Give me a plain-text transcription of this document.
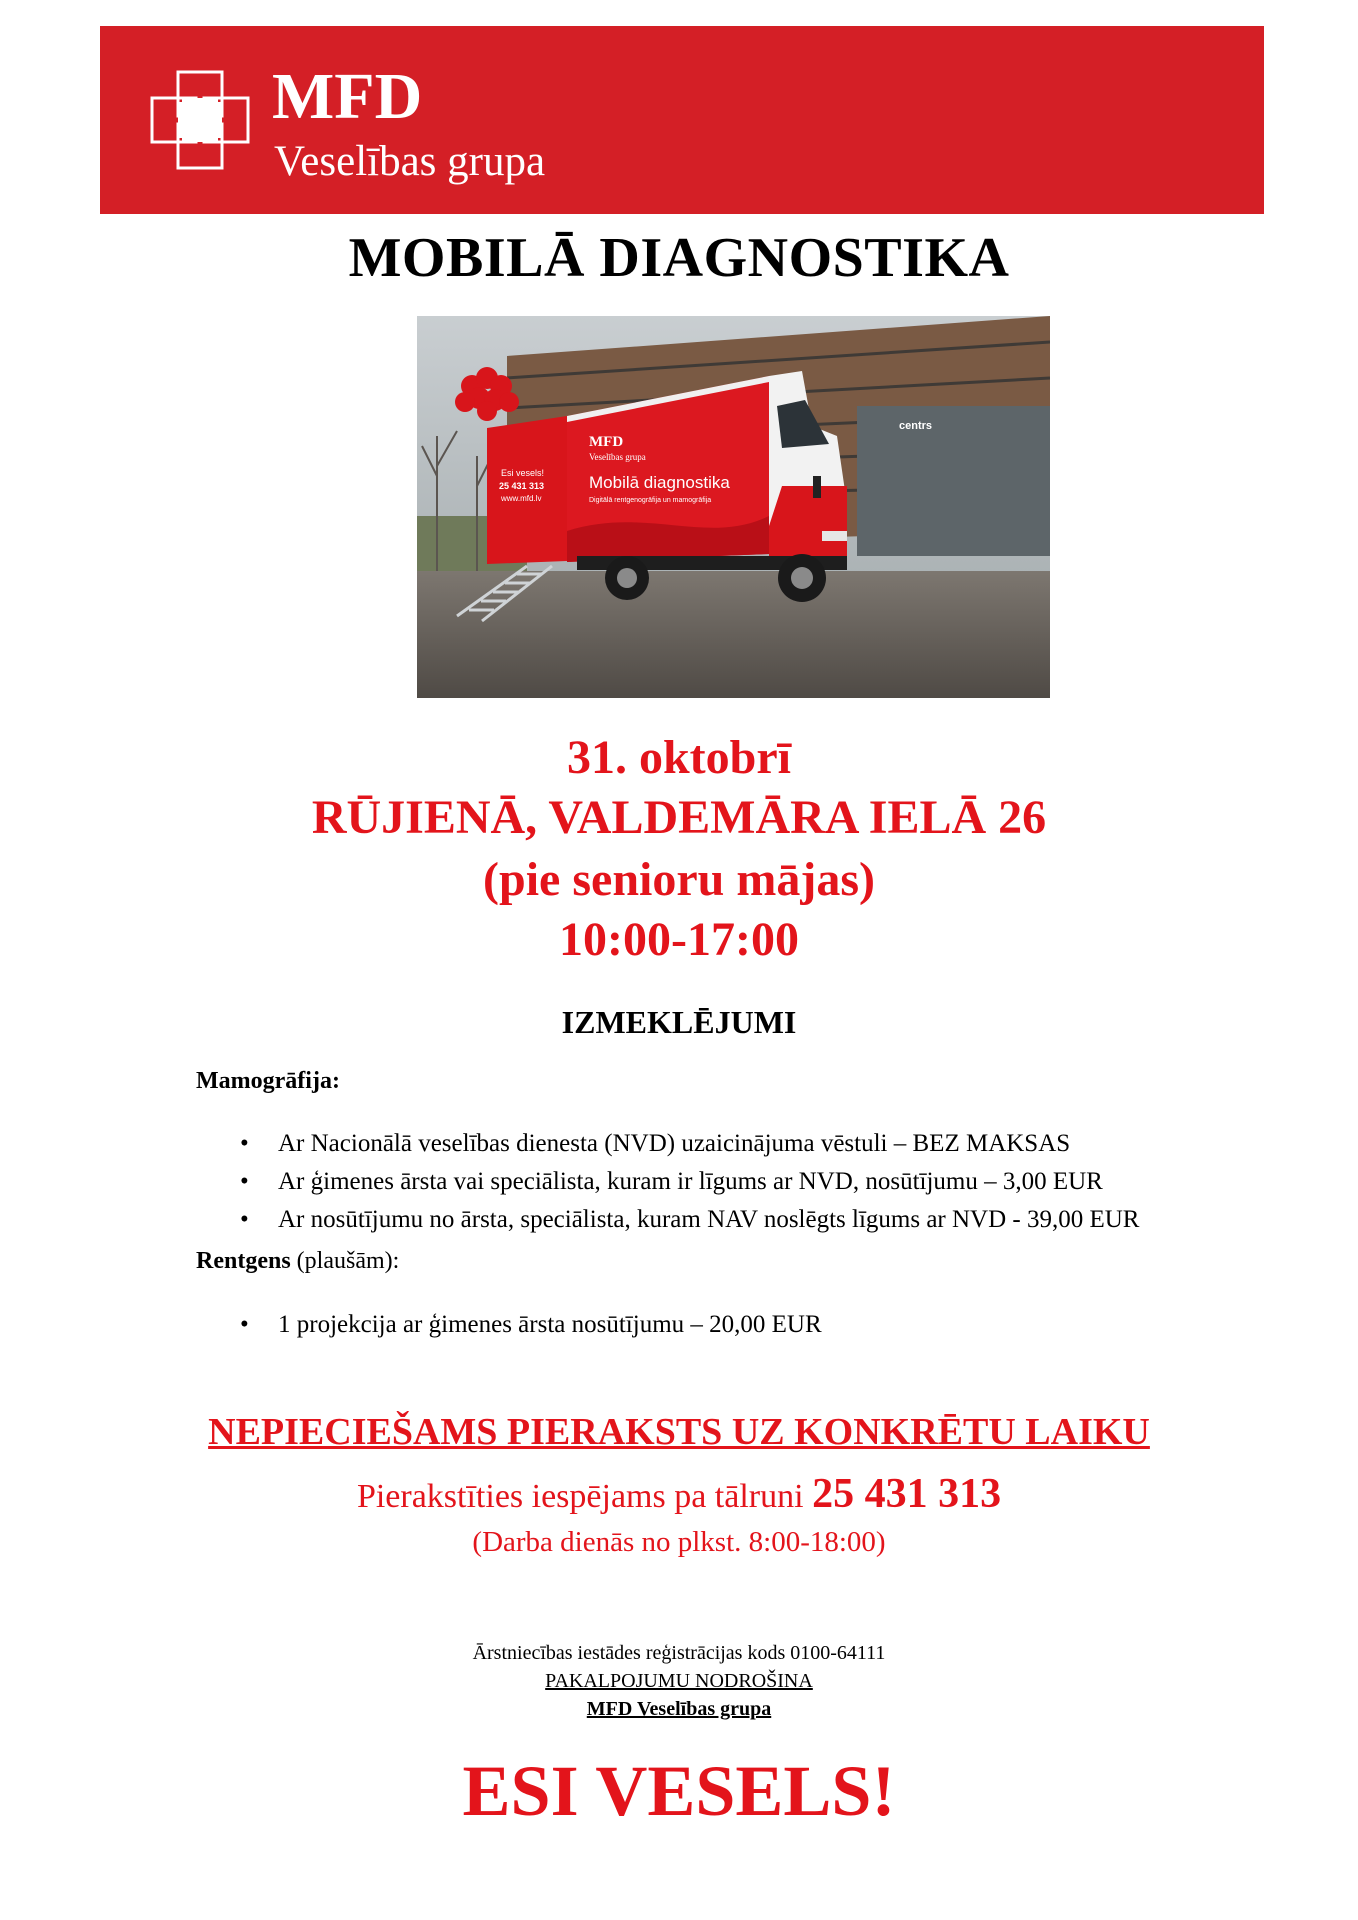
MFD
Veselības grupa
MOBILĀ DIAGNOSTIKA
centrs
Esi vesels!
25 431 313
www.mfd.lv
MFD
Veselības grupa
Mobilā diagnostika
Digitālā rentgenogrāfija un mamogrāfija
31. oktobrī
RŪJIENĀ, VALDEMĀRA IELĀ 26
(pie senioru mājas)
10:00-17:00
IZMEKLĒJUMI
Mamogrāfija:
• Ar Nacionālā veselības dienesta (NVD) uzaicinājuma vēstuli – BEZ MAKSAS
• Ar ģimenes ārsta vai speciālista, kuram ir līgums ar NVD, nosūtījumu – 3,00 EUR
• Ar nosūtījumu no ārsta, speciālista, kuram NAV noslēgts līgums ar NVD - 39,00 EUR
Rentgens (plaušām):
• 1 projekcija ar ģimenes ārsta nosūtījumu – 20,00 EUR
NEPIECIEŠAMS PIERAKSTS UZ KONKRĒTU LAIKU
Pierakstīties iespējams pa tālruni 25 431 313
(Darba dienās no plkst. 8:00-18:00)
Ārstniecības iestādes reģistrācijas kods 0100-64111
PAKALPOJUMU NODROŠINA
MFD Veselības grupa
ESI VESELS!
